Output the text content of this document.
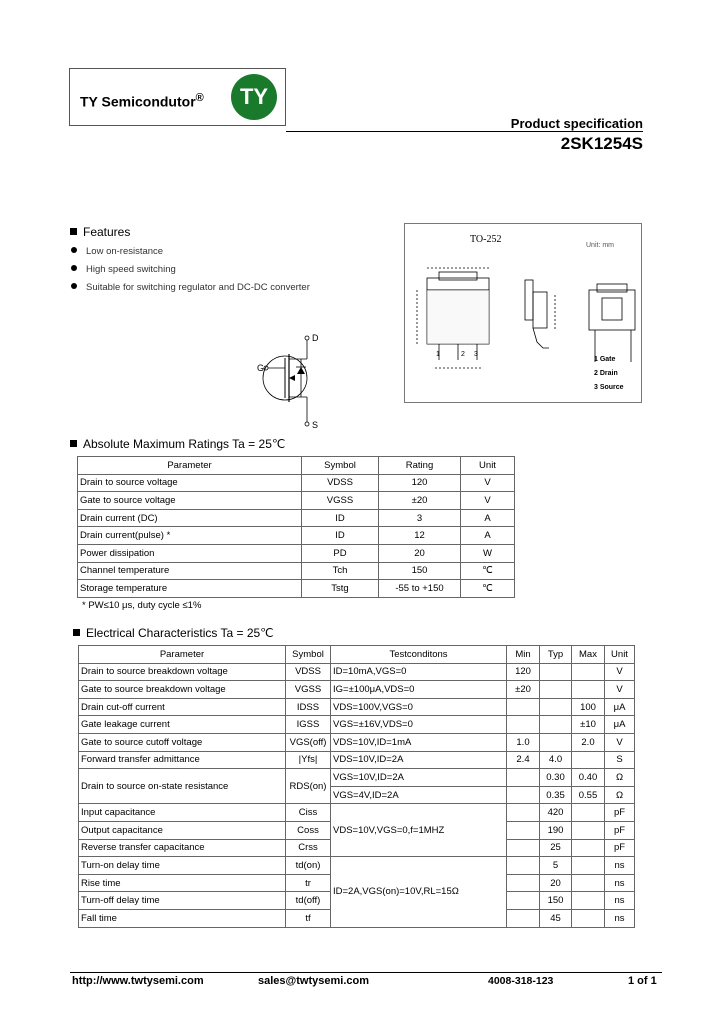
TY Semicondutor®	TY
Product specification
2SK1254S
Features
Low on-resistance
High speed switching
Suitable for switching regulator and DC-DC converter
D
G
S
TO-252
Unit: mm
1	2 3
1 Gate
2 Drain
3 Source
Absolute Maximum Ratings Ta = 25℃
Parameter	Symbol	Rating	Unit
Drain to source voltage	VDSS	120	V
Gate to source voltage	VGSS	±20	V
Drain current (DC)	ID	3	A
Drain current(pulse) *	ID	12	A
Power dissipation	PD	20	W
Channel temperature	Tch	150	℃
Storage temperature	Tstg	-55 to +150	℃
* PW≤10 μs, duty cycle ≤1%
Electrical Characteristics Ta = 25℃
Parameter	Symbol	Testconditons	Min	Typ	Max	Unit
Drain to source breakdown voltage	VDSS	ID=10mA,VGS=0	120			V
Gate to source breakdown voltage	VGSS	IG=±100μA,VDS=0	±20			V
Drain cut-off current	IDSS	VDS=100V,VGS=0			100	μA
Gate leakage current	IGSS	VGS=±16V,VDS=0			±10	μA
Gate to source cutoff voltage	VGS(off)	VDS=10V,ID=1mA	1.0		2.0	V
Forward transfer admittance	|Yfs|	VDS=10V,ID=2A	2.4	4.0		S
Drain to source on-state resistance	RDS(on)	VGS=10V,ID=2A		0.30	0.40	Ω
		VGS=4V,ID=2A		0.35	0.55	Ω
Input capacitance	Ciss	VDS=10V,VGS=0,f=1MHZ		420		pF
Output capacitance	Coss			190		pF
Reverse transfer capacitance	Crss			25		pF
Turn-on delay time	td(on)	ID=2A,VGS(on)=10V,RL=15Ω		5		ns
Rise time	tr			20		ns
Turn-off delay time	td(off)			150		ns
Fall time	tf			45		ns
http://www.twtysemi.com	sales@twtysemi.com	4008-318-123	1 of 1
